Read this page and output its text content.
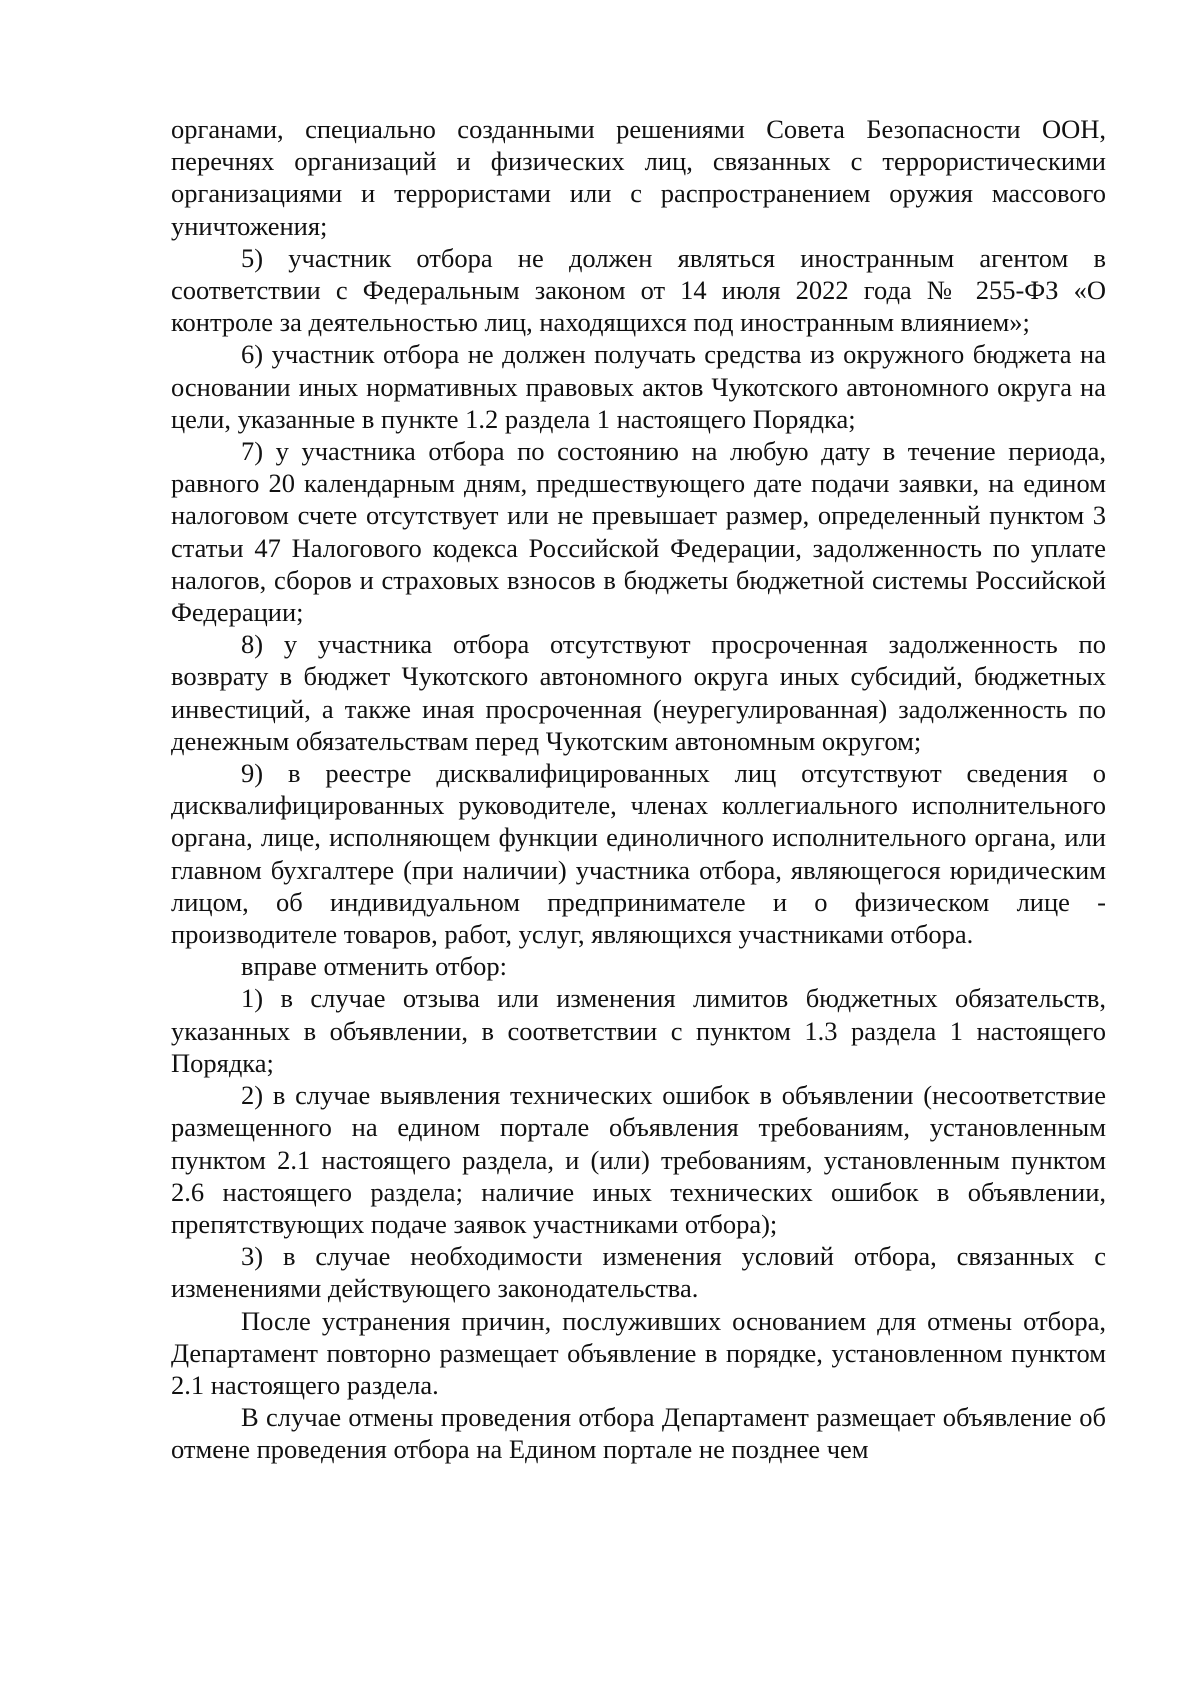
органами, специально созданными решениями Совета Безопасности ООН, перечнях организаций и физических лиц, связанных с террористическими организациями и террористами или с распространением оружия массового уничтожения;

5) участник отбора не должен являться иностранным агентом в соответствии с Федеральным законом от 14 июля 2022 года № 255-ФЗ «О контроле за деятельностью лиц, находящихся под иностранным влиянием»;

6) участник отбора не должен получать средства из окружного бюджета на основании иных нормативных правовых актов Чукотского автономного округа на цели, указанные в пункте 1.2 раздела 1 настоящего Порядка;

7) у участника отбора по состоянию на любую дату в течение периода, равного 20 календарным дням, предшествующего дате подачи заявки, на едином налоговом счете отсутствует или не превышает размер, определенный пунктом 3 статьи 47 Налогового кодекса Российской Федерации, задолженность по уплате налогов, сборов и страховых взносов в бюджеты бюджетной системы Российской Федерации;

8) у участника отбора отсутствуют просроченная задолженность по возврату в бюджет Чукотского автономного округа иных субсидий, бюджетных инвестиций, а также иная просроченная (неурегулированная) задолженность по денежным обязательствам перед Чукотским автономным округом;

9) в реестре дисквалифицированных лиц отсутствуют сведения о дисквалифицированных руководителе, членах коллегиального исполнительного органа, лице, исполняющем функции единоличного исполнительного органа, или главном бухгалтере (при наличии) участника отбора, являющегося юридическим лицом, об индивидуальном предпринимателе и о физическом лице - производителе товаров, работ, услуг, являющихся участниками отбора.

вправе отменить отбор:

1) в случае отзыва или изменения лимитов бюджетных обязательств, указанных в объявлении, в соответствии с пунктом 1.3 раздела 1 настоящего Порядка;

2) в случае выявления технических ошибок в объявлении (несоответствие размещенного на едином портале объявления требованиям, установленным пунктом 2.1 настоящего раздела, и (или) требованиям, установленным пунктом 2.6 настоящего раздела; наличие иных технических ошибок в объявлении, препятствующих подаче заявок участниками отбора);

3) в случае необходимости изменения условий отбора, связанных с изменениями действующего законодательства.

После устранения причин, послуживших основанием для отмены отбора, Департамент повторно размещает объявление в порядке, установленном пунктом 2.1 настоящего раздела.

В случае отмены проведения отбора Департамент размещает объявление об отмене проведения отбора на Едином портале не позднее чем
